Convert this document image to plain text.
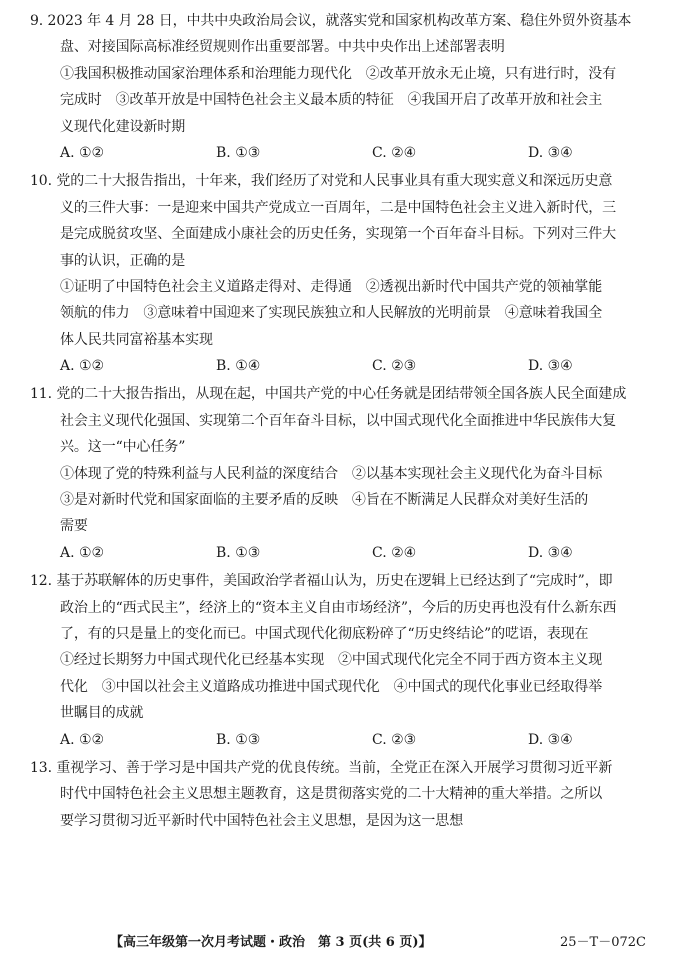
9. 2023 年 4 月 28 日，中共中央政治局会议，就落实党和国家机构改革方案、稳住外贸外资基本
盘、对接国际高标准经贸规则作出重要部署。中共中央作出上述部署表明
①我国积极推动国家治理体系和治理能力现代化　②改革开放永无止境，只有进行时，没有
完成时　③改革开放是中国特色社会主义最本质的特征　④我国开启了改革开放和社会主
义现代化建设新时期
A. ①②	B. ①③	C. ②④	D. ③④
10. 党的二十大报告指出，十年来，我们经历了对党和人民事业具有重大现实意义和深远历史意
义的三件大事：一是迎来中国共产党成立一百周年，二是中国特色社会主义进入新时代，三
是完成脱贫攻坚、全面建成小康社会的历史任务，实现第一个百年奋斗目标。下列对三件大
事的认识，正确的是
①证明了中国特色社会主义道路走得对、走得通　②透视出新时代中国共产党的领袖掌能
领航的伟力　③意味着中国迎来了实现民族独立和人民解放的光明前景　④意味着我国全
体人民共同富裕基本实现
A. ①②	B. ①④	C. ②③	D. ③④
11. 党的二十大报告指出，从现在起，中国共产党的中心任务就是团结带领全国各族人民全面建成
社会主义现代化强国、实现第二个百年奋斗目标，以中国式现代化全面推进中华民族伟大复
兴。这一“中心任务”
①体现了党的特殊利益与人民利益的深度结合　②以基本实现社会主义现代化为奋斗目标
③是对新时代党和国家面临的主要矛盾的反映　④旨在不断满足人民群众对美好生活的
需要
A. ①②	B. ①③	C. ②④	D. ③④
12. 基于苏联解体的历史事件，美国政治学者福山认为，历史在逻辑上已经达到了“完成时”，即
政治上的“西式民主”，经济上的“资本主义自由市场经济”，今后的历史再也没有什么新东西
了，有的只是量上的变化而已。中国式现代化彻底粉碎了“历史终结论”的呓语，表现在
①经过长期努力中国式现代化已经基本实现　②中国式现代化完全不同于西方资本主义现
代化　③中国以社会主义道路成功推进中国式现代化　④中国式的现代化事业已经取得举
世瞩目的成就
A. ①②	B. ①③	C. ②③	D. ③④
13. 重视学习、善于学习是中国共产党的优良传统。当前，全党正在深入开展学习贯彻习近平新
时代中国特色社会主义思想主题教育，这是贯彻落实党的二十大精神的重大举措。之所以
要学习贯彻习近平新时代中国特色社会主义思想，是因为这一思想
【高三年级第一次月考试题・政治　第 3 页(共 6 页)】	25－T－072C
